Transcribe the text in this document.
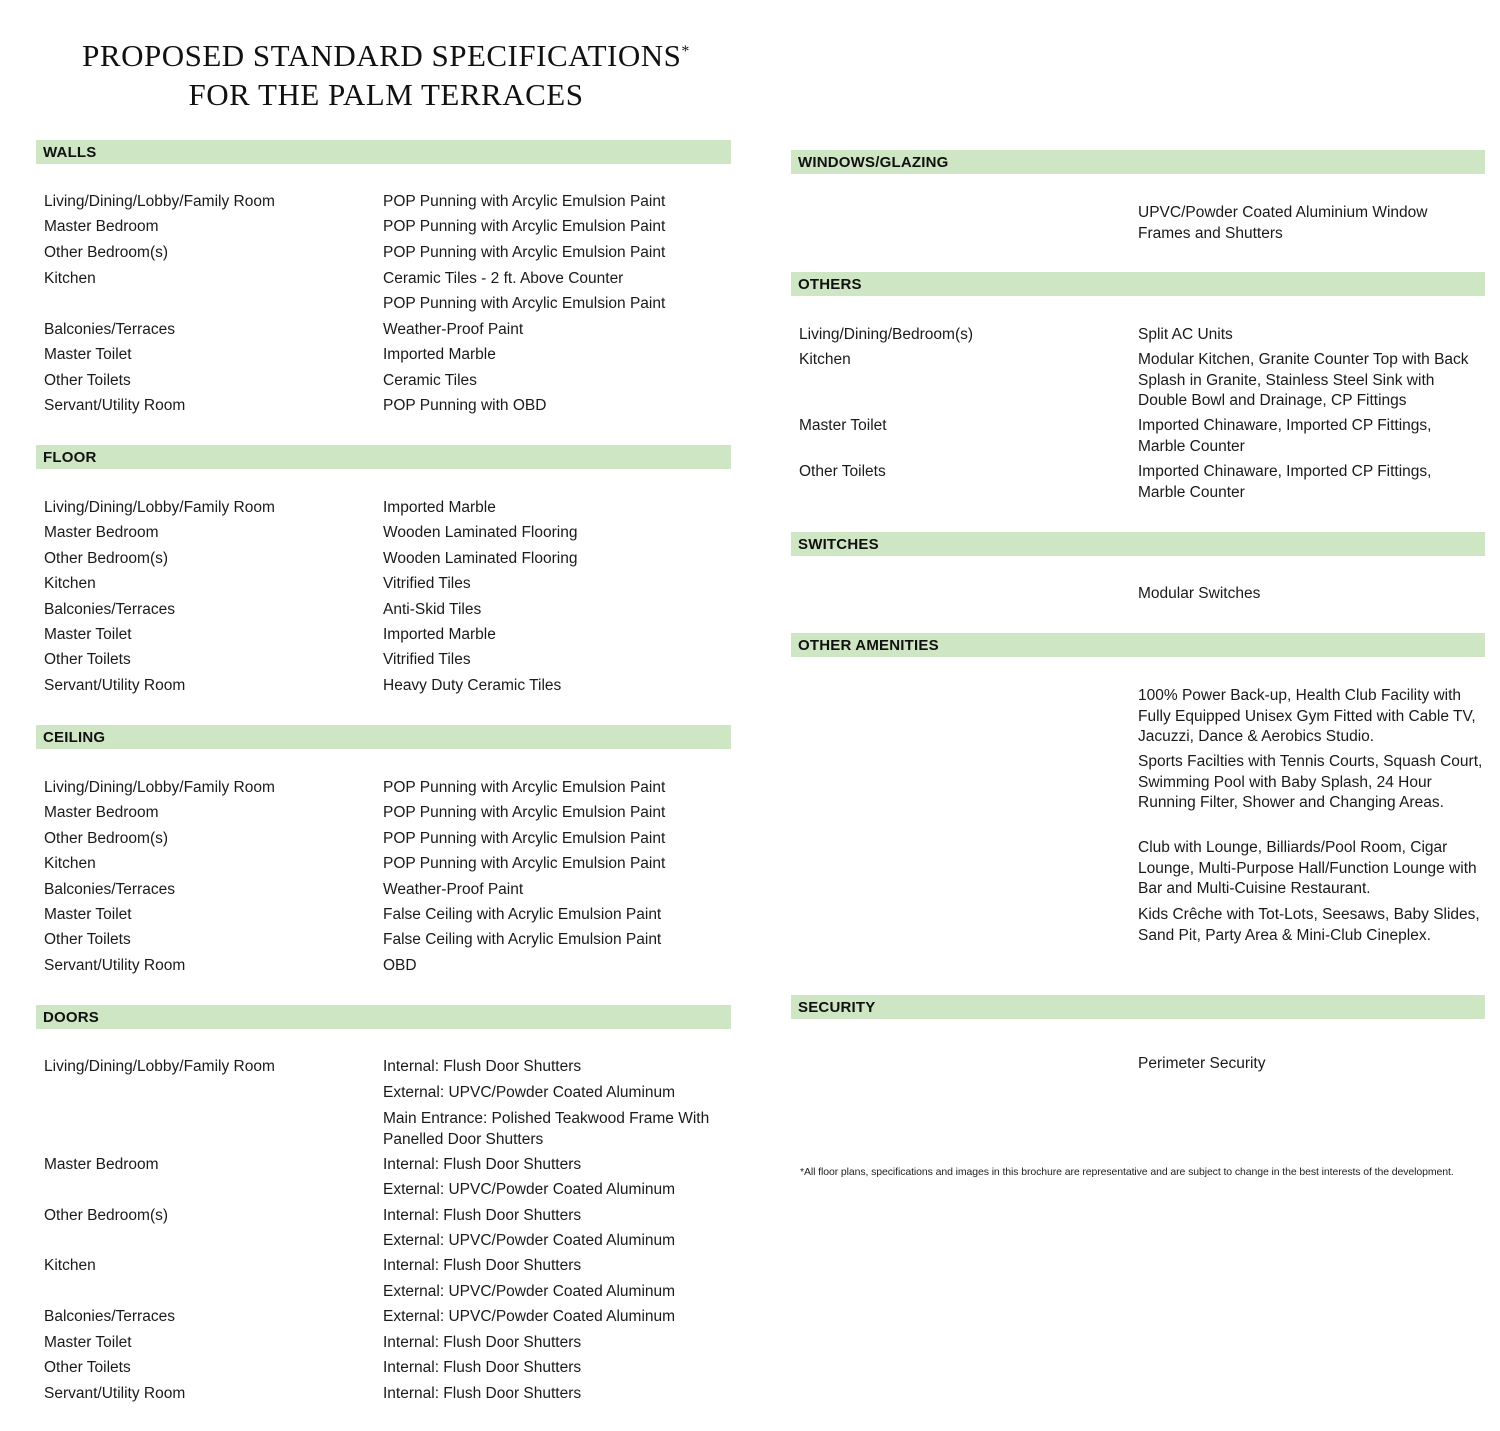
PROPOSED STANDARD SPECIFICATIONS*
FOR THE PALM TERRACES
WALLS
Living/Dining/Lobby/Family Room	POP Punning with Arcylic Emulsion Paint
Master Bedroom	POP Punning with Arcylic Emulsion Paint
Other Bedroom(s)	POP Punning with Arcylic Emulsion Paint
Kitchen	Ceramic Tiles - 2 ft. Above Counter
POP Punning with Arcylic Emulsion Paint
Balconies/Terraces	Weather-Proof Paint
Master Toilet	Imported Marble
Other Toilets	Ceramic Tiles
Servant/Utility Room	POP Punning with OBD
FLOOR
Living/Dining/Lobby/Family Room	Imported Marble
Master Bedroom	Wooden Laminated Flooring
Other Bedroom(s)	Wooden Laminated Flooring
Kitchen	Vitrified Tiles
Balconies/Terraces	Anti-Skid Tiles
Master Toilet	Imported Marble
Other Toilets	Vitrified Tiles
Servant/Utility Room	Heavy Duty Ceramic Tiles
CEILING
Living/Dining/Lobby/Family Room	POP Punning with Arcylic Emulsion Paint
Master Bedroom	POP Punning with Arcylic Emulsion Paint
Other Bedroom(s)	POP Punning with Arcylic Emulsion Paint
Kitchen	POP Punning with Arcylic Emulsion Paint
Balconies/Terraces	Weather-Proof Paint
Master Toilet	False Ceiling with Acrylic Emulsion Paint
Other Toilets	False Ceiling with Acrylic Emulsion Paint
Servant/Utility Room	OBD
DOORS
Living/Dining/Lobby/Family Room	Internal: Flush Door Shutters
External: UPVC/Powder Coated Aluminum
Main Entrance: Polished Teakwood Frame With Panelled Door Shutters
Master Bedroom	Internal: Flush Door Shutters
External: UPVC/Powder Coated Aluminum
Other Bedroom(s)	Internal: Flush Door Shutters
External: UPVC/Powder Coated Aluminum
Kitchen	Internal: Flush Door Shutters
External: UPVC/Powder Coated Aluminum
Balconies/Terraces	External: UPVC/Powder Coated Aluminum
Master Toilet	Internal: Flush Door Shutters
Other Toilets	Internal: Flush Door Shutters
Servant/Utility Room	Internal: Flush Door Shutters
WINDOWS/GLAZING
UPVC/Powder Coated Aluminium Window Frames and Shutters
OTHERS
Living/Dining/Bedroom(s)	Split AC Units
Kitchen	Modular Kitchen, Granite Counter Top with Back Splash in Granite, Stainless Steel Sink with Double Bowl and Drainage, CP Fittings
Master Toilet	Imported Chinaware, Imported CP Fittings, Marble Counter
Other Toilets	Imported Chinaware, Imported CP Fittings, Marble Counter
SWITCHES
Modular Switches
OTHER AMENITIES
100% Power Back-up, Health Club Facility with Fully Equipped Unisex Gym Fitted with Cable TV, Jacuzzi, Dance & Aerobics Studio.
Sports Facilties with Tennis Courts, Squash Court, Swimming Pool with Baby Splash, 24 Hour Running Filter, Shower and Changing Areas.
Club with Lounge, Billiards/Pool Room, Cigar Lounge, Multi-Purpose Hall/Function Lounge with Bar and Multi-Cuisine Restaurant.
Kids Crêche with Tot-Lots, Seesaws, Baby Slides, Sand Pit, Party Area & Mini-Club Cineplex.
SECURITY
Perimeter Security
*All floor plans, specifications and images in this brochure are representative and are subject to change in the best interests of the development.
